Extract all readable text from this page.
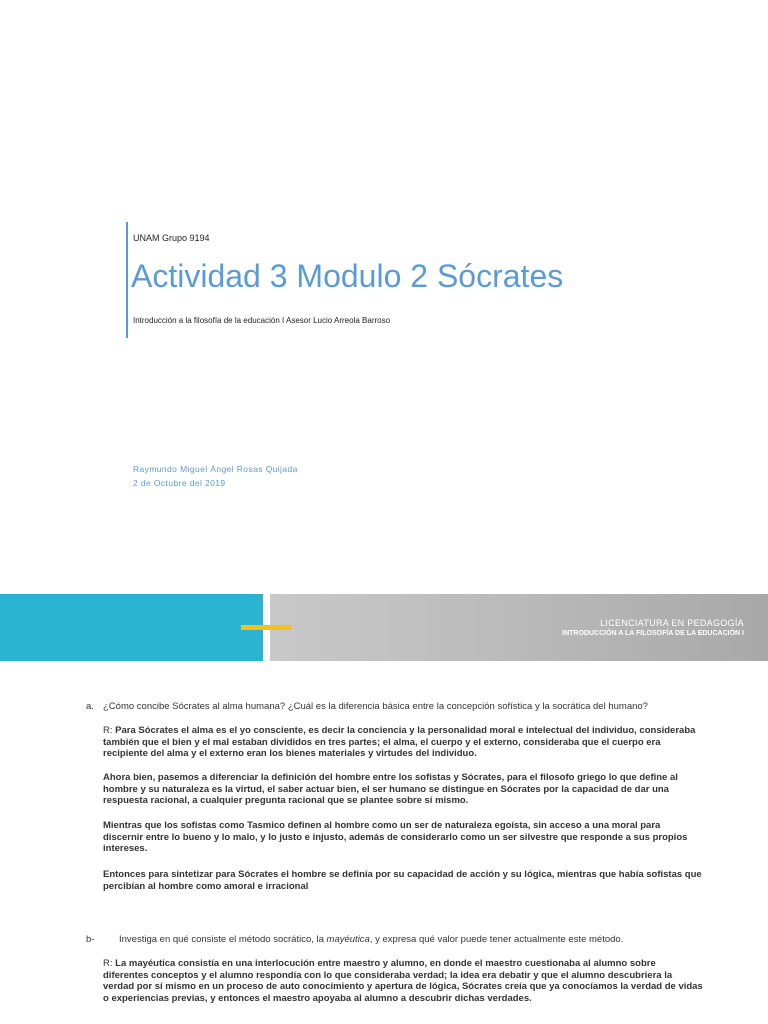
UNAM Grupo 9194
Actividad 3 Modulo 2 Sócrates
Introducción a la filosofía de la educación I Asesor Lucio Arreola Barroso
Raymundo Miguel Ángel Rosas Quijada
2 de Octubre del 2019
LICENCIATURA EN PEDAGOGÍA
INTRODUCCIÓN A LA FILOSOFÍA DE LA EDUCACIÓN I
a. ¿Cómo concibe Sócrates al alma humana? ¿Cuál es la diferencia básica entre la concepción sofística y la socrática del humano?
R: Para Sócrates el alma es el yo consciente, es decir la conciencia y la personalidad moral e intelectual del individuo, consideraba también que el bien y el mal estaban divididos en tres partes; el alma, el cuerpo y el externo, consideraba que el cuerpo era recipiente del alma y el externo eran los bienes materiales y virtudes del individuo.
Ahora bien, pasemos a diferenciar la definición del hombre entre los sofistas y Sócrates, para el filosofo griego lo que define al hombre y su naturaleza es la virtud, el saber actuar bien, el ser humano se distingue en Sócrates por la capacidad de dar una respuesta racional, a cualquier pregunta racional que se plantee sobre sí mismo.
Mientras que los sofistas como Tasmico definen al hombre como un ser de naturaleza egoísta, sin acceso a una moral para discernir entre lo bueno y lo malo, y lo justo e injusto, además de considerarlo como un ser silvestre que responde a sus propios intereses.
Entonces para sintetizar para Sócrates el hombre se definía por su capacidad de acción y su lógica, mientras que había sofistas que percibían al hombre como amoral e irracional
b-	Investiga en qué consiste el método socrático, la mayéutica, y expresa qué valor puede tener actualmente este método.
R: La mayéutica consistía en una interlocución entre maestro y alumno, en donde el maestro cuestionaba al alumno sobre diferentes conceptos y el alumno respondía con lo que consideraba verdad; la idea era debatir y que el alumno descubriera la verdad por sí mismo en un proceso de auto conocimiento y apertura de lógica, Sócrates creía que ya conocíamos la verdad de vidas o experiencias previas, y entonces el maestro apoyaba al alumno a descubrir dichas verdades.
